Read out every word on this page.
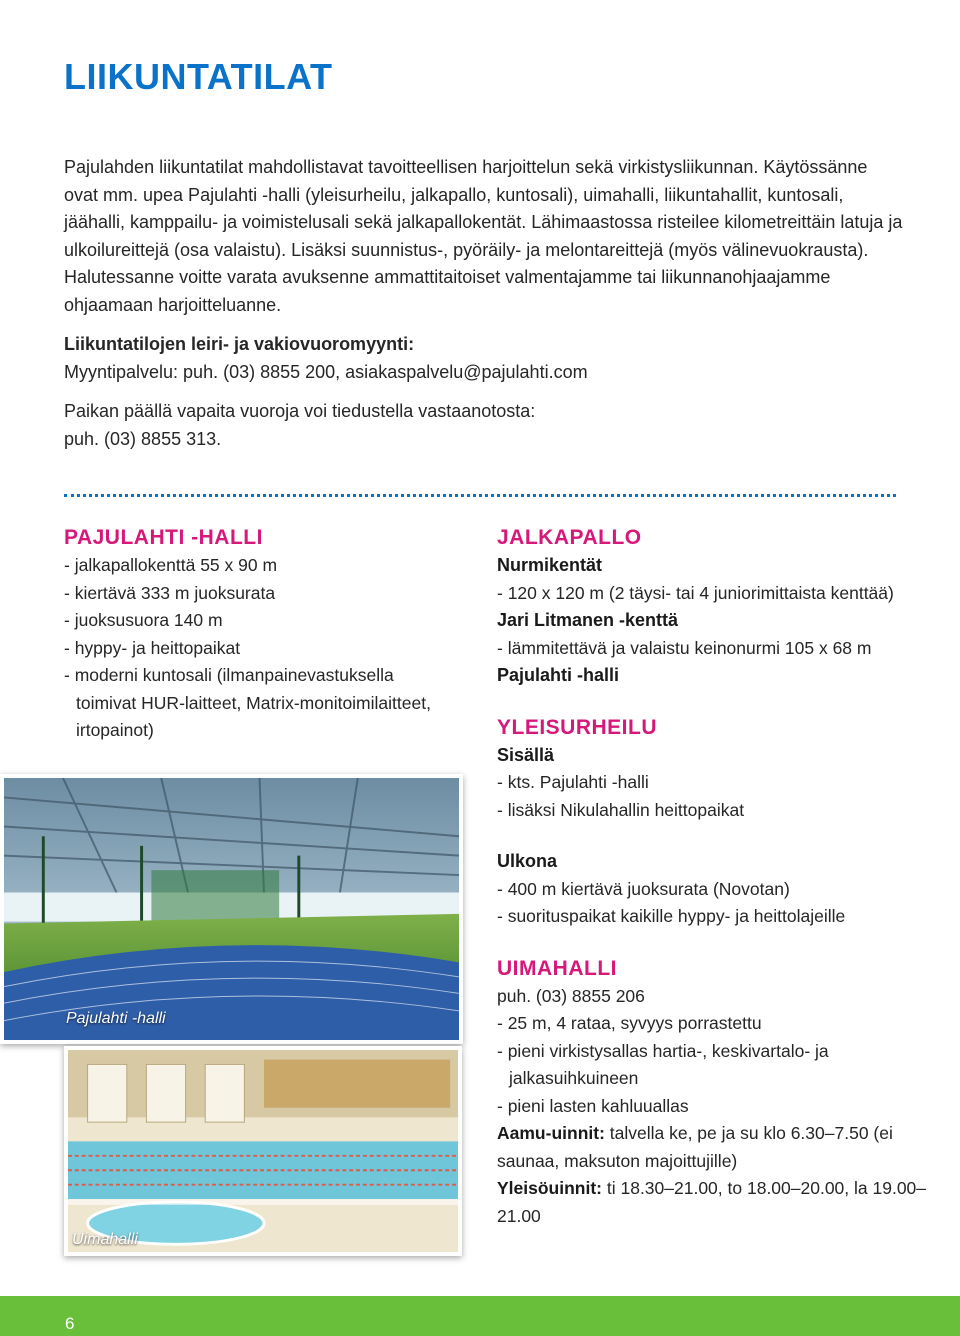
LIIKUNTATILAT

Pajulahden liikuntatilat mahdollistavat tavoitteellisen harjoittelun sekä virkistysliikunnan. Käytössänne ovat mm. upea Pajulahti -halli (yleisurheilu, jalkapallo, kuntosali), uimahalli, liikuntahallit, kuntosali, jäähalli, kamppailu- ja voimistelusali sekä jalkapallokentät. Lähimaastossa risteilee kilometreittäin latuja ja ulkoilureittejä (osa valaistu). Lisäksi suunnistus-, pyöräily- ja melontareittejä (myös välinevuokrausta). Halutessanne voitte varata avuksenne ammattitaitoiset valmentajamme tai liikunnanohjaajamme ohjaamaan harjoitteluanne.

Liikuntatilojen leiri- ja vakiovuoromyynti:

Myyntipalvelu: puh. (03) 8855 200, asiakaspalvelu@pajulahti.com

Paikan päällä vapaita vuoroja voi tiedustella vastaanotosta:

puh. (03) 8855 313.

PAJULAHTI -HALLI
- jalkapallokenttä 55 x 90 m
- kiertävä 333 m juoksurata
- juoksusuora 140 m
- hyppy- ja heittopaikat
- moderni kuntosali (ilmanpainevastuksella toimivat HUR-laitteet, Matrix-monitoimilaitteet, irtopainot)
Pajulahti -halli
Uimahalli
JALKAPALLO

Nurmikentät

- 120 x 120 m (2 täysi- tai 4 juniorimittaista kenttää)

Jari Litmanen -kenttä

- lämmitettävä ja valaistu keinonurmi 105 x 68 m

Pajulahti -halli

YLEISURHEILU

Sisällä

- kts. Pajulahti -halli
- lisäksi Nikulahallin heittopaikat

Ulkona

- 400 m kiertävä juoksurata (Novotan)
- suorituspaikat kaikille hyppy- ja heittolajeille
UIMAHALLI

puh. (03) 8855 206

- 25 m, 4 rataa, syvyys porrastettu
- pieni virkistysallas hartia-, keskivartalo- ja jalkasuihkuineen
- pieni lasten kahluuallas

Aamu-uinnit: talvella ke, pe ja su klo 6.30–7.50 (ei saunaa, maksuton majoittujille)

Yleisöuinnit: ti 18.30–21.00, to 18.00–20.00, la 19.00–21.00

6
